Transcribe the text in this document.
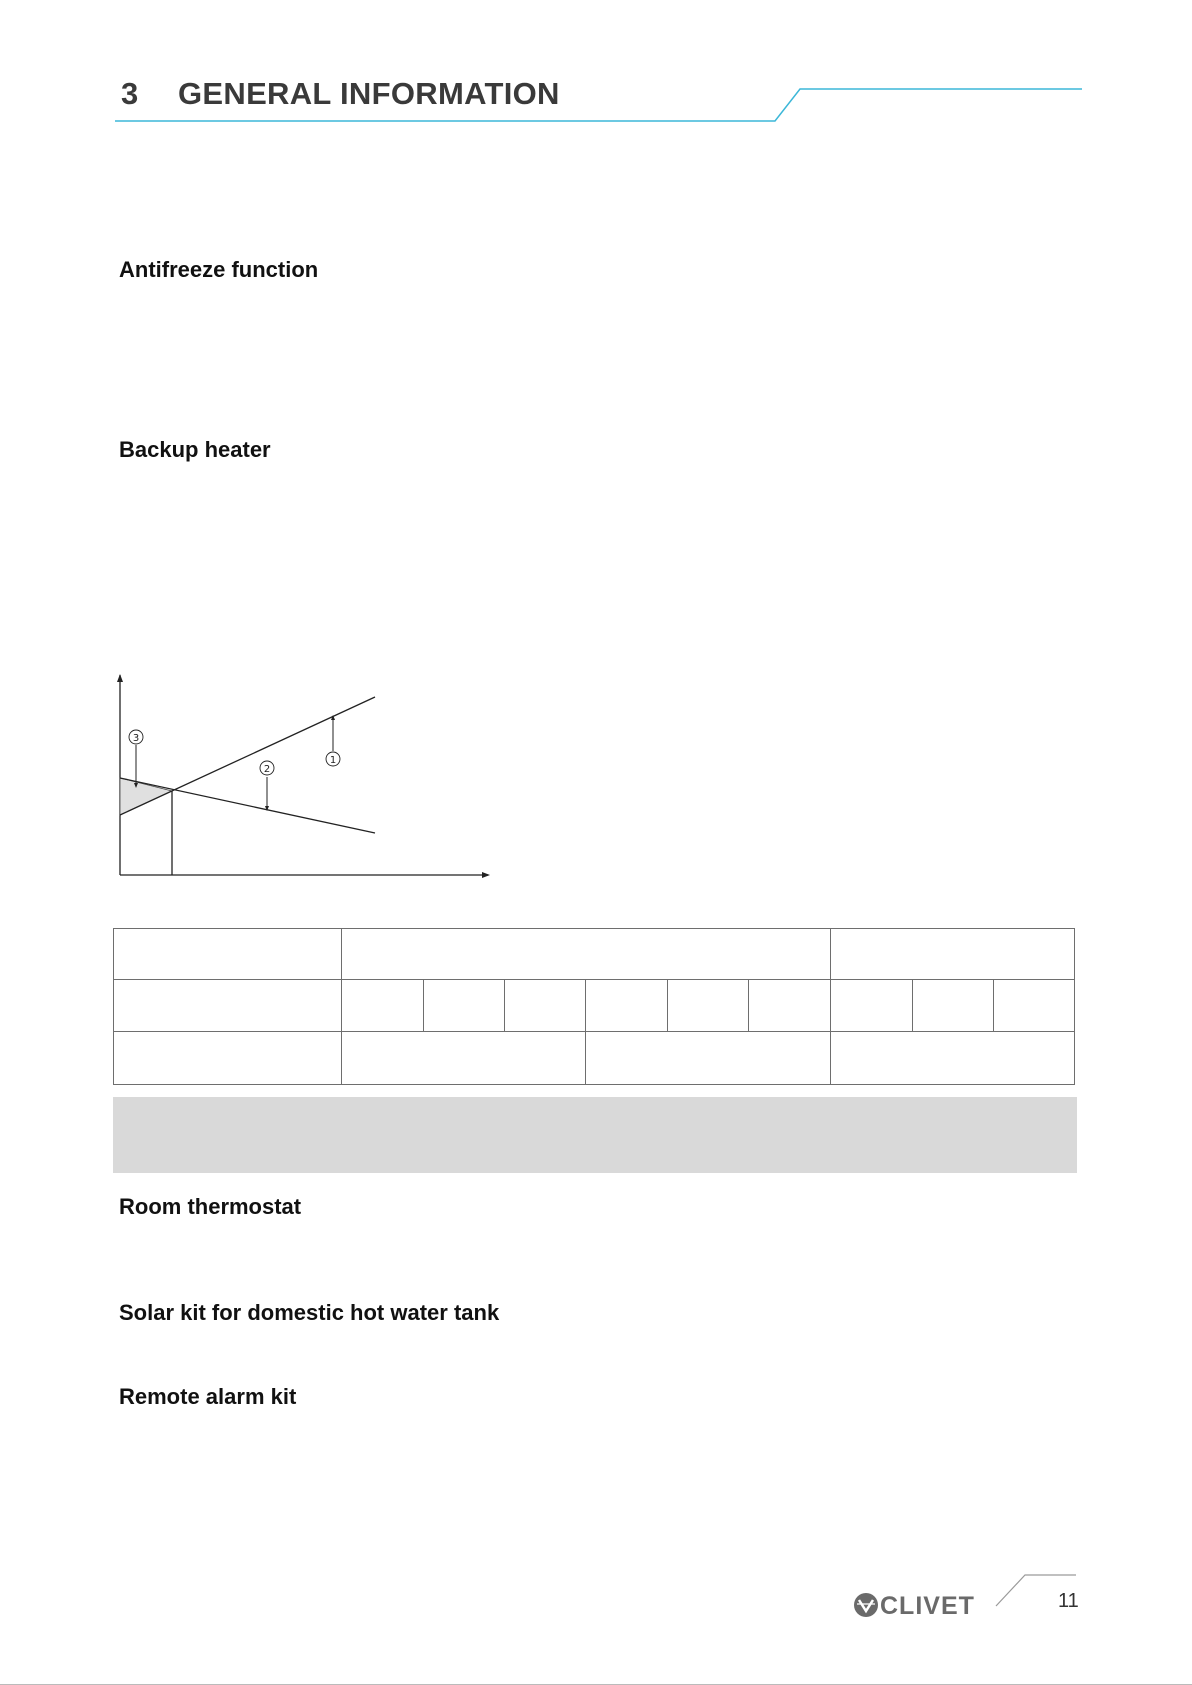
3 GENERAL INFORMATION
Antifreeze function
Backup heater
1
2
3
Room thermostat
Solar kit for domestic hot water tank
Remote alarm kit
CLIVET	11
